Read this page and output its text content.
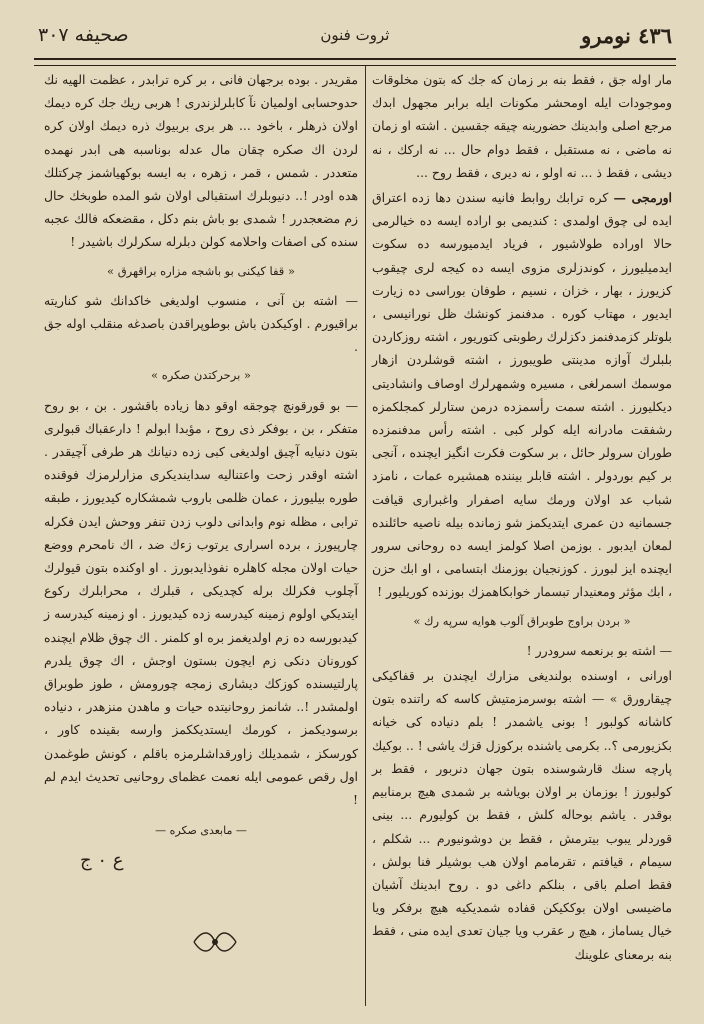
٤٣٦ نومرو
ثروت فنون
صحيفه ٣٠٧

مار اوله جق ، فقط بنه بر زمان كه جك كه بتون مخلوقات وموجودات ايله اومحشر مكونات ايله برابر مجهول ابدك مرجع اصلى وابدينك حضورينه چيقه جقسين . اشته او زمان نه ماضى ، نه مستقبل ، فقط دوام حال ... نه اركك ، نه ديشى ، فقط ذ ... نه اولو ، نه ديرى ، فقط روح ...

اورمجى — كره ترابك روابط فانيه سندن دها زده اعتراق ايده لى چوق اولمدى : كنديمى بو اراده ايسه ده خيالرمى حالا اوراده طولاشيور ، فرياد ايدميورسه ده سكوت ايدميليورز ، كوندزلرى مزوى ايسه ده كيجه لرى چيقوب كزيورز ، بهار ، خزان ، نسيم ، طوفان بوراسى ده زيارت ايديور ، مهتاب كوره . مدفنمز كونشك ظل نورانيسى ، بلوتلر كزمدفنمز دكزلرك رطوبتى كتوريور ، اشته روزكاردن بلبلرك آوازه مدينتى طويبورز ، اشته قوشلردن ازهار موسمك اسمرلغى ، مسيره وشمهرلرك اوصاف وانشاديتى ديكليورز . اشته سمت رأسمزده درمن ستارلر كمجلكمزه رشفقت مادرانه ايله كولر كبى . اشته رأس مدفنمزده طوران سرولر حائل ، بر سكوت فكرت انگيز ايچنده ، آنجى بر كيم بوردولر . اشته قابلر بيننده همشيره عمات ، نامزد شباب عد اولان ورمك سايه اصفرار واغبرارى قيافت جسمانيه دن عمرى ايتديكمز شو زمانده بيله ناصيه حائلنده لمعان ايدبور . بوزمن اصلا كولمز ايسه ده روحانى سرور ايچنده ايز لبورز . كوزنجيان بوزمنك ابتسامى ، او ابك حزن ، ابك مؤثر ومعنيدار تبسمار خوابكاهمزك بوزنده كوريليور !

« بردن براوج طوبراق آلوب هوايه سرپه رك »

— اشته بو برنعمه سرودرر !

اورانى ، اوسنده بولنديغى مزارك ايچندن بر قفاكيكى چيقارورق » — اشته بوسرمزمتيش كاسه كه راتنده بتون كاشانه كولبور ! بونى ياشمدر ! بلم دنياده كى خيانه بكزيورمى ؟.. بكرمى ياشنده بركوزل قزك ياشى ! .. بوكيك پارچه سنك قارشوسنده بتون جهان دنربور ، فقط بر كولبورز ! بوزمان بر اولان بوياشه بر شمدى هيچ برمنابيم بوقدر . ياشم بوحاله كلش ، فقط بن كوليورم ... بينى قوردلر يبوب بيترمش ، فقط بن دوشونيورم ... شكلم ، سيمام ، قيافتم ، تقرمامم اولان هب بوشيلر فنا بولش ، فقط اصلم باقى ، بنلكم داغى دو . روح ابدينك آشيان ماضيسى اولان بوككيكن قفاده شمديكيه هيچ برفكر ويا خيال يساماز ، هيچ ر عقرب ويا جيان تعدى ايده منى ، فقط بنه برمعناى علوينك

مقريدر . بوده برجهان فانى ، بر كره ترابدر ، عظمت الهيه نك حدوحسابى اولميان نآ كابلرلزندرى ! هربى ريك جك كره ديمك اولان ذرهلر ، باخود ... هر برى بربيوك ذره ديمك اولان كره لردن اك صكره چقان مال عدله بوناسبه هى ابدر نهمده متعددر . شمس ، قمر ، زهره ، به ايسه بوكهياشمز چركتلك هده اودر !.. دنيوبلرك استقبالى اولان شو المده طوبخك حال زم مضعجدرر ! شمدى بو باش بنم دكل ، مقضعكه فالك عجبه سنده كى اصفات واحلامه كولن دبلرله سكرلرك باشيدر !

« قفا كيكنى بو باشجه مزاره براقهرق »

— اشته بن آنى ، منسوب اولديغى خاكدانك شو كناريته براقيورم . اوكيكدن باش بوطوپراقدن باصدغه منقلب اوله جق .

« برحركتدن صكره »

— بو قورقونچ چوجقه اوقو دها زياده باقشور . بن ، بو روح متفكر ، بن ، بوفكر ذى روح ، مؤبدا ابولم ! دارعقباك قبولرى بتون دنيايه آچيق اولديغى كبى زده دنيانك هر طرفى آچيقدر . اشته اوقدر زحت واعتناليه سداينديكرى مزارلرمزك فوقنده طوره بيليورز ، عمان ظلمى باروب شمشكاره كيديورز ، طبقه ترابى ، مظله نوم وابدانى دلوب زدن تنفر ووحش ايدن فكرله چارپيورز ، برده اسرارى يرتوب زءك ضد ، اك نامحرم ووضع حيات اولان مجله كاهلره نفوذايدبورز . او اوكنده بتون قيولرك آچلوب فكرلك برله كچديكى ، قبلرك ، محرابلرك ركوع ايتديكي اولوم زمينه كيدرسه زده كيديورز . او زمينه كيدرسه ز كيدبورسه ده زم اولديغمز بره او كلمنر . اك چوق ظلام ايچنده كورونان دنكى زم ايچون بستون اوجش ، اك چوق يلدرم پارلتيسنده كوزكك ديشارى زمجه چورومش ، طوز طوبراق اولمشدر !.. شانمز روحانيتده حيات و ماهدن منزهدر ، دنياده برسوديكمز ، كورمك ايستديككمز وارسه بقينده كاور ، كورسكز ، شمديلك زاورقداشلرمزه باقلم ، كونش طوغمدن اول رقص عمومى ايله نعمت عظماى روحانيى تحديث ايدم لم !

— مابعدى صكره —
ع ٠ ج
